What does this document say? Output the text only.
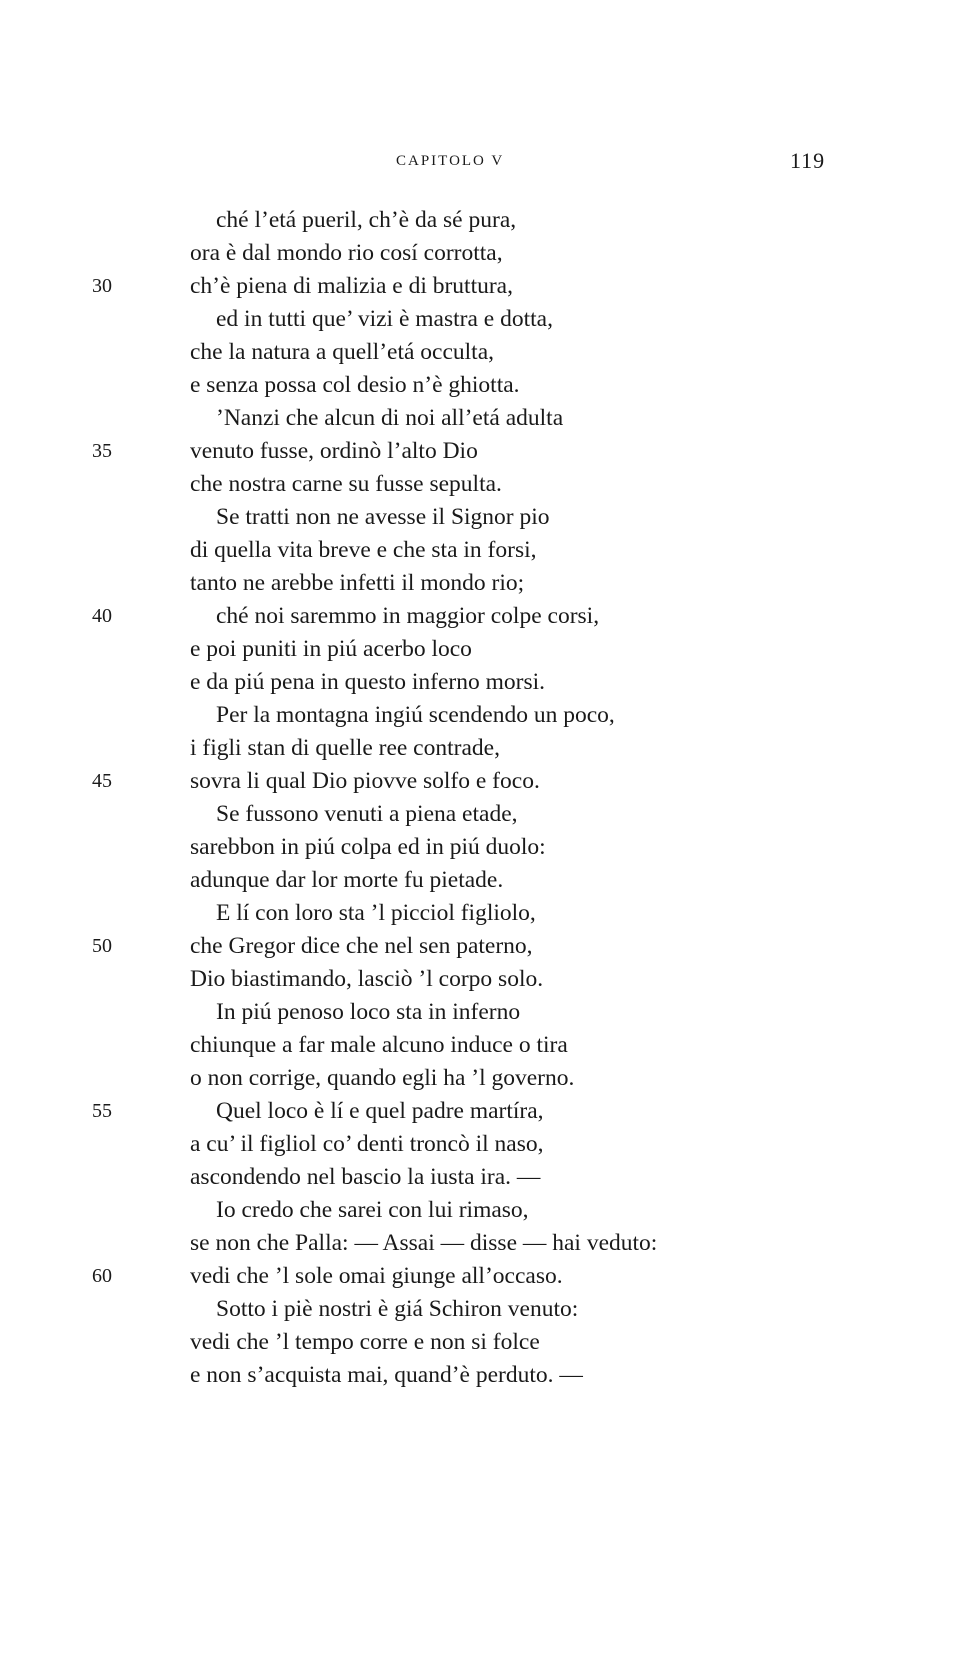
CAPITOLO V	119
ché l’etá pueril, ch’è da sé pura,
ora è dal mondo rio cosí corrotta,
30	ch’è piena di malizia e di bruttura,
ed in tutti que’ vizi è mastra e dotta,
che la natura a quell’etá occulta,
e senza possa col desio n’è ghiotta.
’Nanzi che alcun di noi all’etá adulta
35	venuto fusse, ordinò l’alto Dio
che nostra carne su fusse sepulta.
Se tratti non ne avesse il Signor pio
di quella vita breve e che sta in forsi,
tanto ne arebbe infetti il mondo rio;
40	ché noi saremmo in maggior colpe corsi,
e poi puniti in piú acerbo loco
e da piú pena in questo inferno morsi.
Per la montagna ingiú scendendo un poco,
i figli stan di quelle ree contrade,
45	sovra li qual Dio piovve solfo e foco.
Se fussono venuti a piena etade,
sarebbon in piú colpa ed in piú duolo:
adunque dar lor morte fu pietade.
E lí con loro sta ’l picciol figliolo,
50	che Gregor dice che nel sen paterno,
Dio biastimando, lasciò ’l corpo solo.
In piú penoso loco sta in inferno
chiunque a far male alcuno induce o tira
o non corrige, quando egli ha ’l governo.
55	Quel loco è lí e quel padre martíra,
a cu’ il figliol co’ denti troncò il naso,
ascondendo nel bascio la iusta ira. —
Io credo che sarei con lui rimaso,
se non che Palla: — Assai — disse — hai veduto:
60	vedi che ’l sole omai giunge all’occaso.
Sotto i piè nostri è giá Schiron venuto:
vedi che ’l tempo corre e non si folce
e non s’acquista mai, quand’è perduto. —
